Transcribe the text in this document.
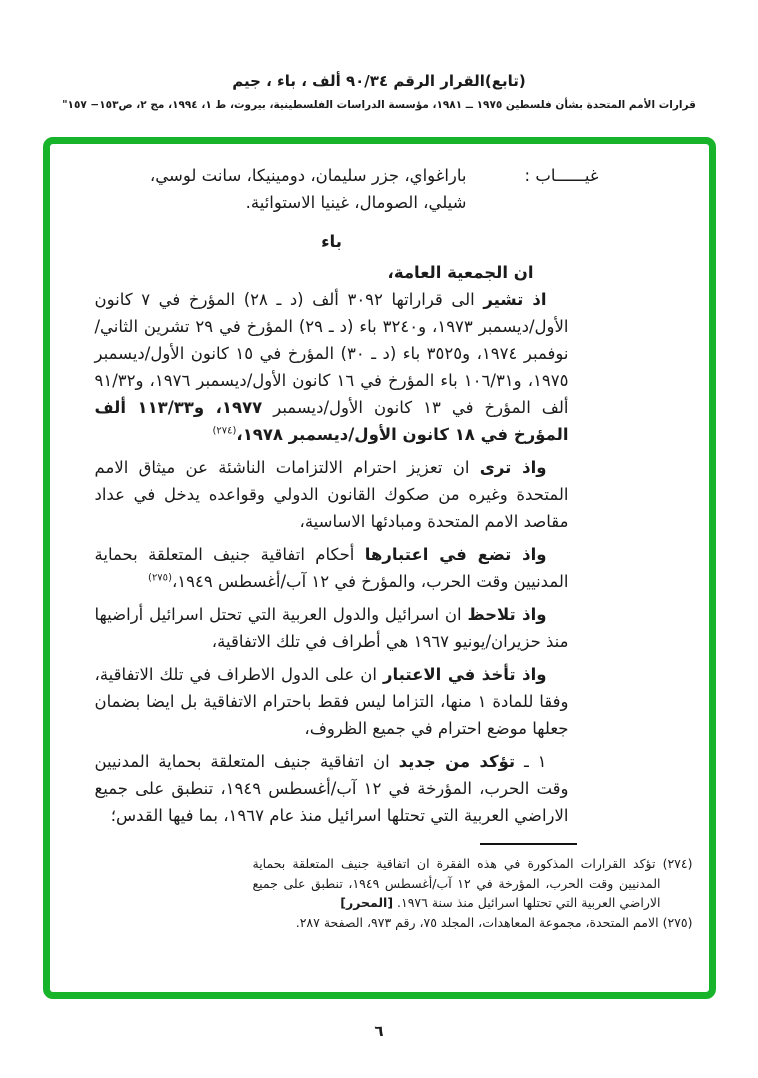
(تابع)القرار الرقم ٩٠/٣٤ ألف ، باء ، جيم
قرارات الأمم المتحدة بشأن فلسطين ١٩٧٥ ــ ١٩٨١، مؤسسة الدراسات الفلسطينية، بيروت، ط ١، ١٩٩٤، مج ٢، ص١٥٣− ١٥٧"
غيــــــاب :
باراغواي، جزر سليمان، دومينيكا، سانت لوسي، شيلي، الصومال، غينيا الاستوائية.
باء
ان الجمعية العامة،

اذ تشير الى قراراتها ٣٠٩٢ ألف (د ـ ٢٨) المؤرخ في ٧ كانون الأول/ديسمبر ١٩٧٣، و٣٢٤٠ باء (د ـ ٢٩) المؤرخ في ٢٩ تشرين الثاني/نوفمبر ١٩٧٤، و٣٥٢٥ باء (د ـ ٣٠) المؤرخ في ١٥ كانون الأول/ديسمبر ١٩٧٥، و١٠٦/٣١ باء المؤرخ في ١٦ كانون الأول/ديسمبر ١٩٧٦، و٩١/٣٢ ألف المؤرخ في ١٣ كانون الأول/ديسمبر ١٩٧٧، و١١٣/٣٣ ألف المؤرخ في ١٨ كانون الأول/ديسمبر ١٩٧٨،$^{(٢٧٤)}$

واذ ترى ان تعزيز احترام الالتزامات الناشئة عن ميثاق الامم المتحدة وغيره من صكوك القانون الدولي وقواعده يدخل في عداد مقاصد الامم المتحدة ومبادئها الاساسية،

واذ تضع في اعتبارها أحكام اتفاقية جنيف المتعلقة بحماية المدنيين وقت الحرب، والمؤرخ في ١٢ آب/أغسطس ١٩٤٩،$^{(٢٧٥)}$

واذ تلاحظ ان اسرائيل والدول العربية التي تحتل اسرائيل أراضيها منذ حزيران/يونيو ١٩٦٧ هي أطراف في تلك الاتفاقية،

واذ تأخذ في الاعتبار ان على الدول الاطراف في تلك الاتفاقية، وفقا للمادة ١ منها، التزاما ليس فقط باحترام الاتفاقية بل ايضا بضمان جعلها موضع احترام في جميع الظروف،

١ ـ تؤكد من جديد ان اتفاقية جنيف المتعلقة بحماية المدنيين وقت الحرب، المؤرخة في ١٢ آب/أغسطس ١٩٤٩، تنطبق على جميع الاراضي العربية التي تحتلها اسرائيل منذ عام ١٩٦٧، بما فيها القدس؛

(٢٧٤) تؤكد القرارات المذكورة في هذه الفقرة ان اتفاقية جنيف المتعلقة بحماية المدنيين وقت الحرب، المؤرخة في ١٢ آب/أغسطس ١٩٤٩، تنطبق على جميع الاراضي العربية التي تحتلها اسرائيل منذ سنة ١٩٧٦. [المحرر]

(٢٧٥) الامم المتحدة، مجموعة المعاهدات، المجلد ٧٥، رقم ٩٧٣، الصفحة ٢٨٧.

٦
